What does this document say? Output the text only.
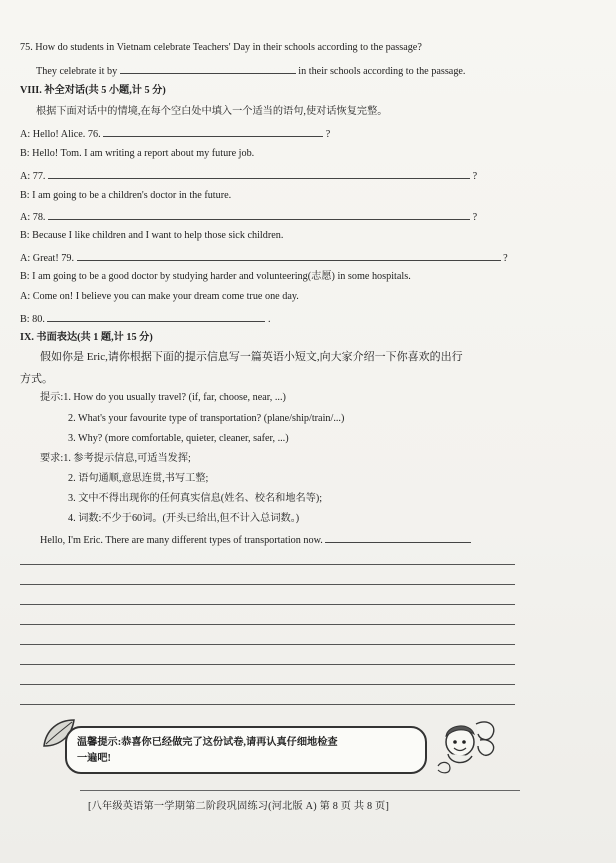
75. How do students in Vietnam celebrate Teachers' Day in their schools according to the passage?
They celebrate it by	in their schools according to the passage.
VIII. 补全对话(共 5 小题,计 5 分)
根据下面对话中的情境,在每个空白处中填入一个适当的语句,使对话恢复完整。
A: Hello! Alice. 76.	?
B: Hello! Tom. I am writing a report about my future job.
A: 77.	?
B: I am going to be a children's doctor in the future.
A: 78.	?
B: Because I like children and I want to help those sick children.
A: Great! 79.	?
B: I am going to be a good doctor by studying harder and volunteering(志愿) in some hospitals.
A: Come on! I believe you can make your dream come true one day.
B: 80.	.
IX. 书面表达(共 1 题,计 15 分)
假如你是 Eric,请你根据下面的提示信息写一篇英语小短文,向大家介绍一下你喜欢的出行
方式。
提示:1. How do you usually travel? (if, far, choose, near, ...)
2. What's your favourite type of transportation? (plane/ship/train/...)
3. Why? (more comfortable, quieter, cleaner, safer, ...)
要求:1. 参考提示信息,可适当发挥;
2. 语句通顺,意思连贯,书写工整;
3. 文中不得出现你的任何真实信息(姓名、校名和地名等);
4. 词数:不少于60词。(开头已给出,但不计入总词数。)
Hello, I'm Eric. There are many different types of transportation now.
温馨提示:恭喜你已经做完了这份试卷,请再认真仔细地检查
一遍吧!
[八年级英语第一学期第二阶段巩固练习(河北版 A) 第 8 页 共 8 页]
